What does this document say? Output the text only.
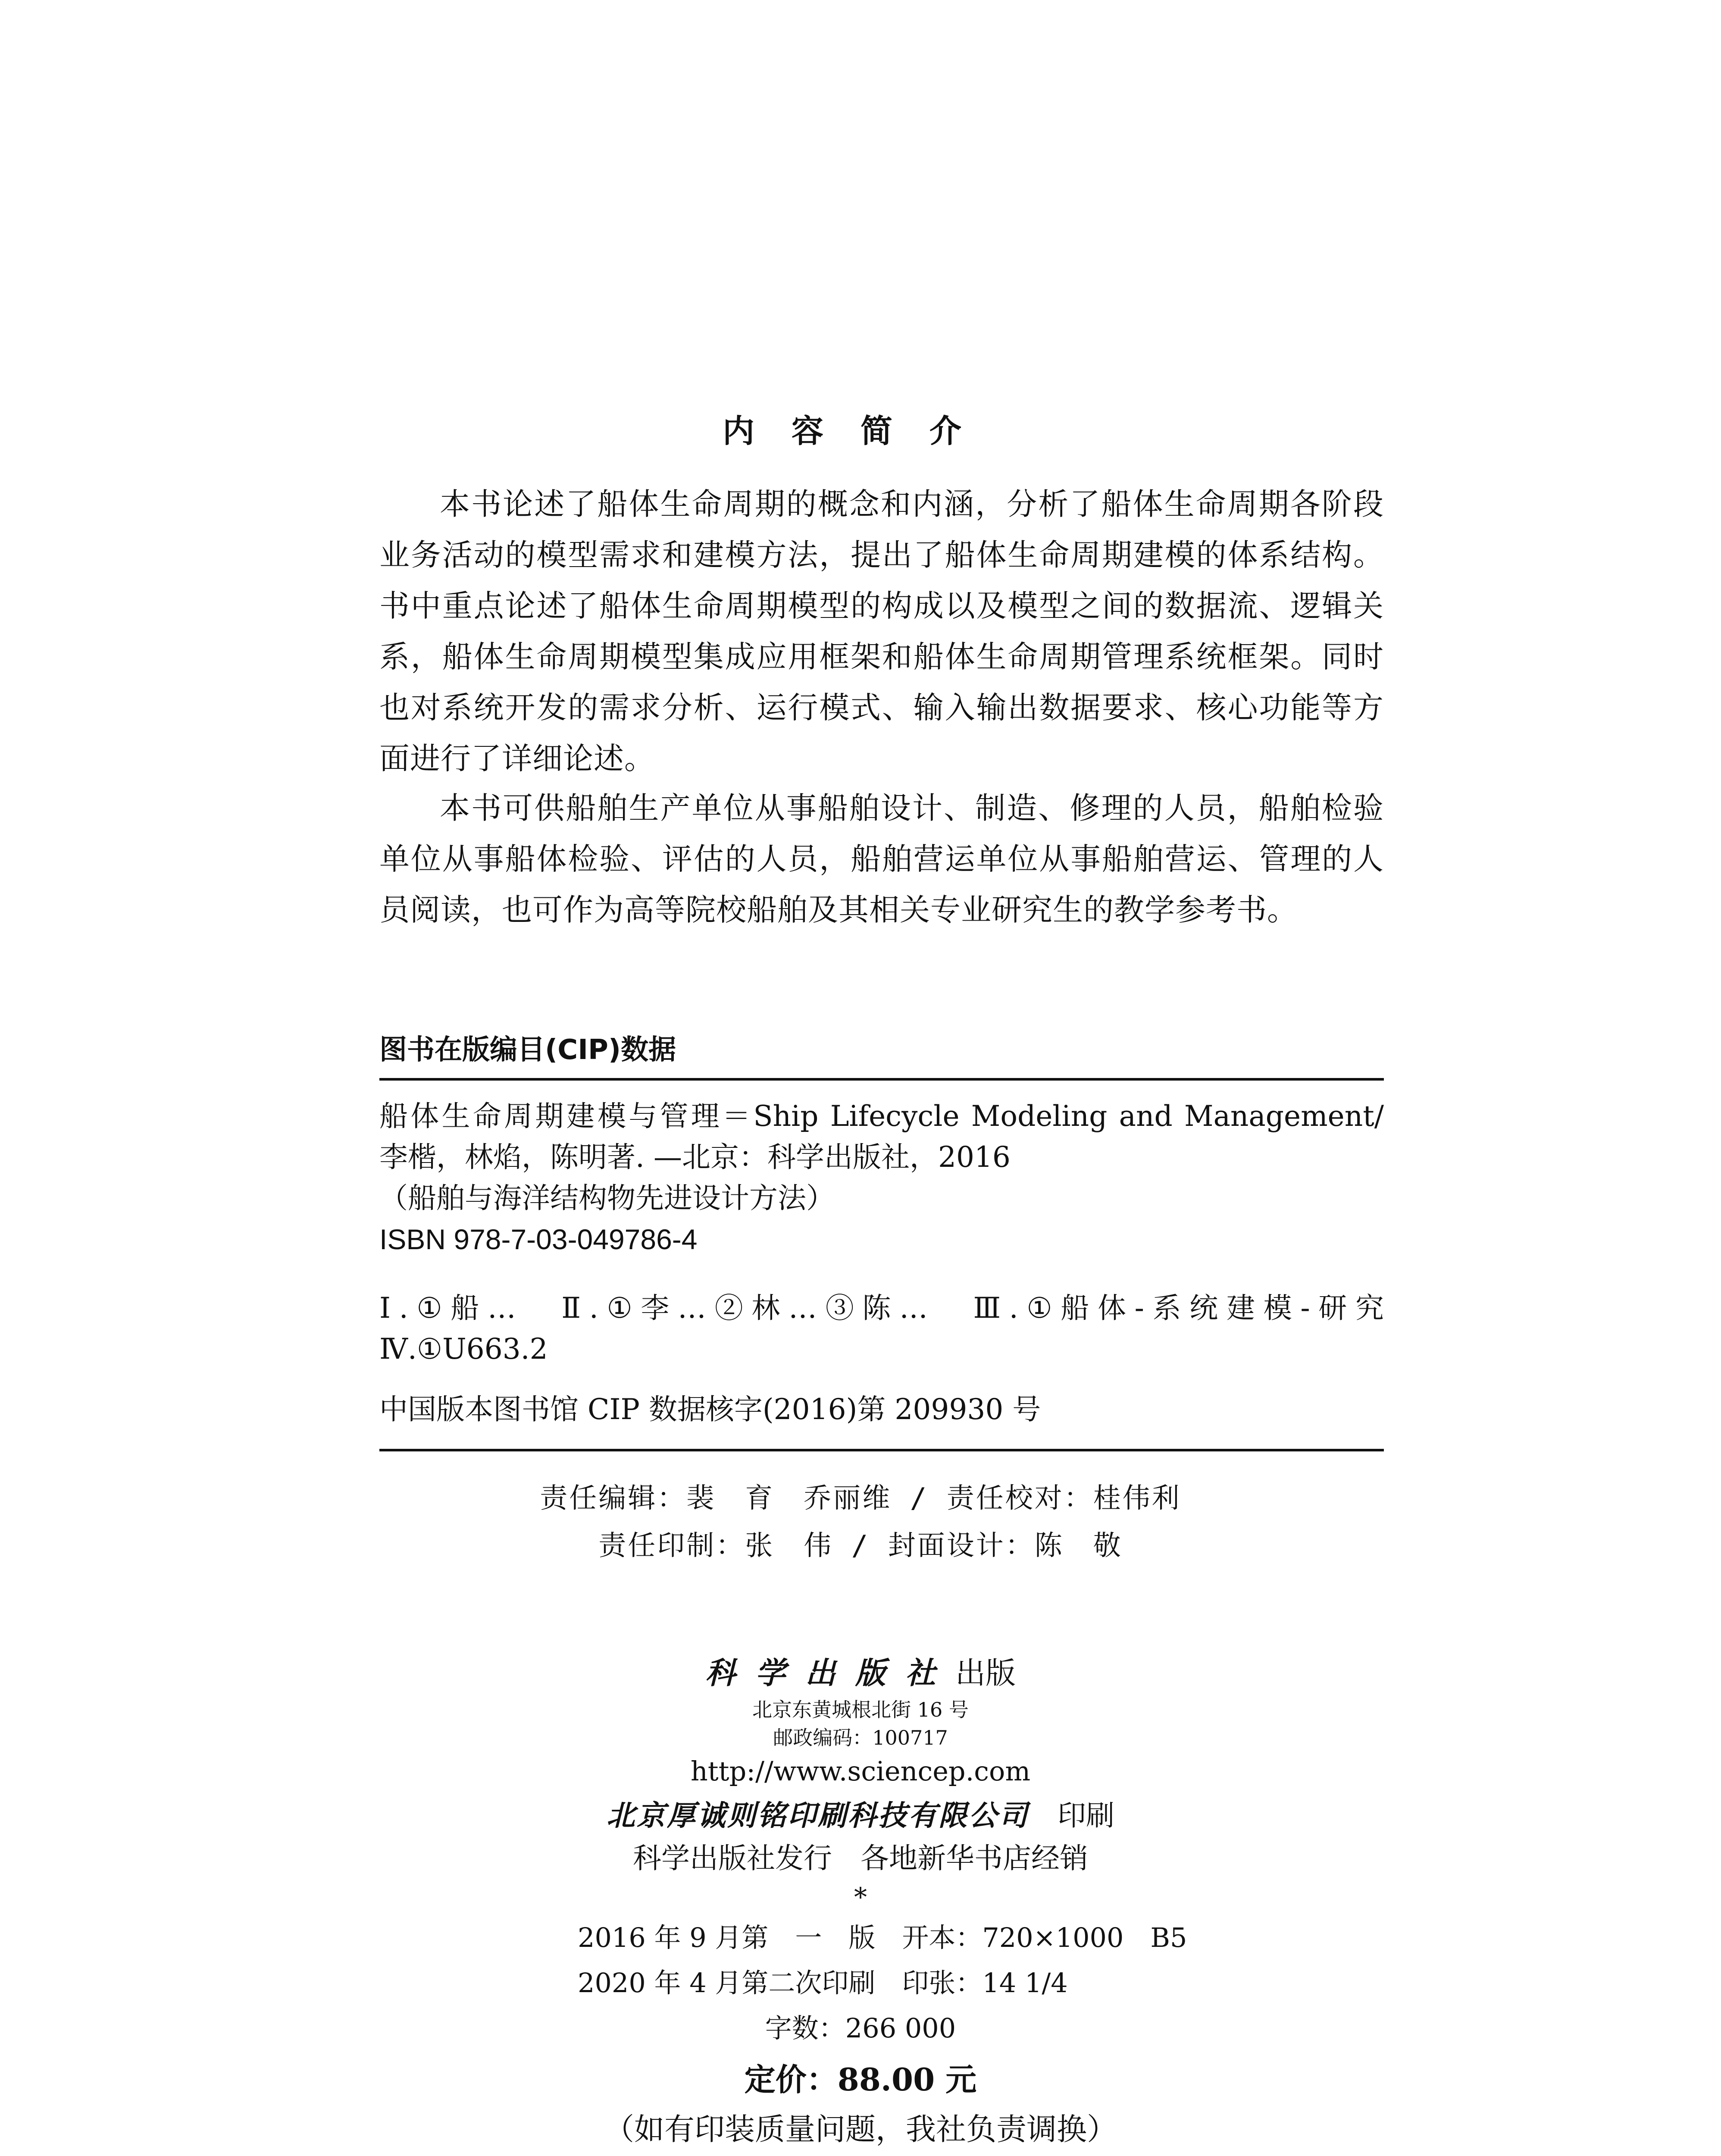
内容简介

本书论述了船体生命周期的概念和内涵，分析了船体生命周期各阶段业务活动的模型需求和建模方法，提出了船体生命周期建模的体系结构。书中重点论述了船体生命周期模型的构成以及模型之间的数据流、逻辑关系，船体生命周期模型集成应用框架和船体生命周期管理系统框架。同时也对系统开发的需求分析、运行模式、输入输出数据要求、核心功能等方面进行了详细论述。

本书可供船舶生产单位从事船舶设计、制造、修理的人员，船舶检验单位从事船体检验、评估的人员，船舶营运单位从事船舶营运、管理的人员阅读，也可作为高等院校船舶及其相关专业研究生的教学参考书。

图书在版编目(CIP)数据
船体生命周期建模与管理＝Ship Lifecycle Modeling and Management/
李楷，林焰，陈明著. —北京：科学出版社，2016
（船舶与海洋结构物先进设计方法）
ISBN 978-7-03-049786-4
Ⅰ.①船…　Ⅱ.①李…②林…③陈…　Ⅲ.①船体-系统建模-研究
Ⅳ.①U663.2
中国版本图书馆 CIP 数据核字(2016)第 209930 号
责任编辑：裴　育　乔丽维 / 责任校对：桂伟利
责任印制：张　伟 / 封面设计：陈　敬
科学出版社出版
北京东黄城根北街 16 号
邮政编码：100717
http://www.sciencep.com
北京厚诚则铭印刷科技有限公司  印刷
科学出版社发行　各地新华书店经销
*
2016 年 9 月第　一　版　开本：720×1000　B5
2020 年 4 月第二次印刷　印张：14 1/4
字数：266 000
定价：88.00 元
（如有印装质量问题，我社负责调换）
